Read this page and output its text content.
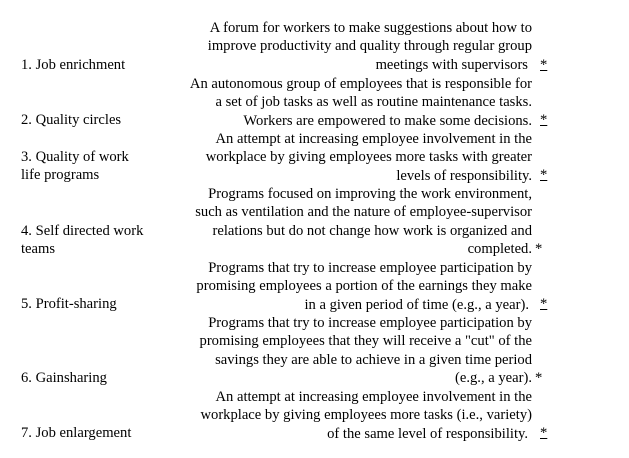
1. Job enrichment
2. Quality circles
3. Quality of work life programs
4. Self directed work teams
5. Profit-sharing
6. Gainsharing
7. Job enlargement
A forum for workers to make suggestions about how to
improve productivity and quality through regular group
meetings with supervisors
An autonomous group of employees that is responsible for
a set of job tasks as well as routine maintenance tasks.
Workers are empowered to make some decisions.
An attempt at increasing employee involvement in the
workplace by giving employees more tasks with greater
levels of responsibility.
Programs focused on improving the work environment,
such as ventilation and the nature of employee-supervisor
relations but do not change how work is organized and
completed.
Programs that try to increase employee participation by
promising employees a portion of the earnings they make
in a given period of time (e.g., a year).
Programs that try to increase employee participation by
promising employees that they will receive a "cut" of the
savings they are able to achieve in a given time period
(e.g., a year).
An attempt at increasing employee involvement in the
workplace by giving employees more tasks (i.e., variety)
of the same level of responsibility.
*
*
*
*
*
*
*
